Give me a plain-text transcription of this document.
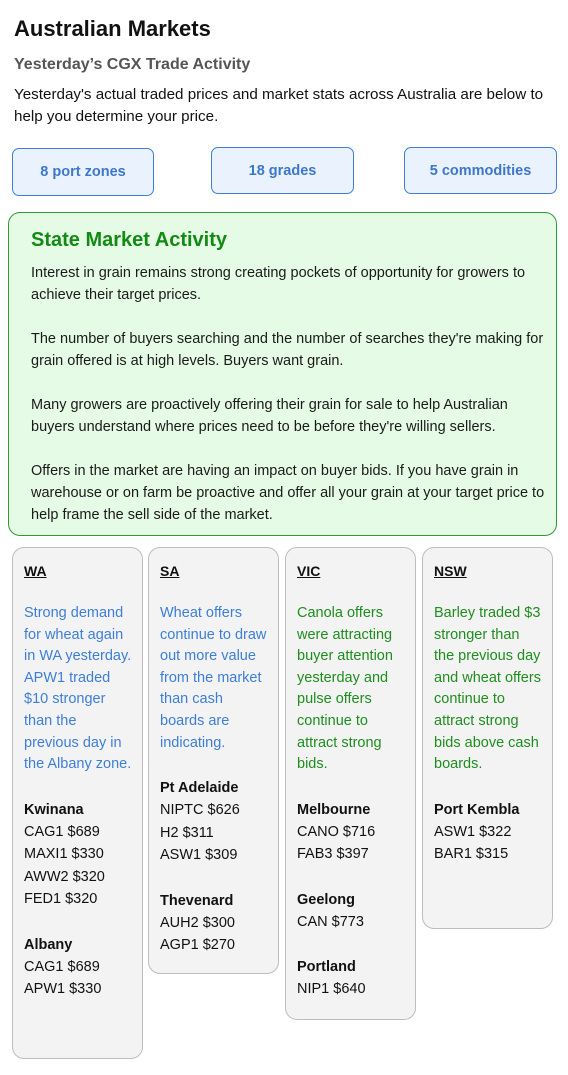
Australian Markets
Yesterday’s CGX Trade Activity
Yesterday's actual traded prices and market stats across Australia are below to help you determine your price.
8 port zones	18 grades	5 commodities
State Market Activity

Interest in grain remains strong creating pockets of opportunity for growers to achieve their target prices.

The number of buyers searching and the number of searches they're making for grain offered is at high levels. Buyers want grain.

Many growers are proactively offering their grain for sale to help Australian buyers understand where prices need to be before they're willing sellers.

Offers in the market are having an impact on buyer bids. If you have grain in warehouse or on farm be proactive and offer all your grain at your target price to help frame the sell side of the market.

WA
Strong demand for wheat again in WA yesterday. APW1 traded $10 stronger than the previous day in the Albany zone.
Kwinana
CAG1 $689
MAXI1 $330
AWW2 $320
FED1 $320
Albany
CAG1 $689
APW1 $330
SA
Wheat offers continue to draw out more value from the market than cash boards are indicating.
Pt Adelaide
NIPTC $626
H2 $311
ASW1 $309
Thevenard
AUH2 $300
AGP1 $270
VIC
Canola offers were attracting buyer attention yesterday and pulse offers continue to attract strong bids.
Melbourne
CANO $716
FAB3 $397
Geelong
CAN $773
Portland
NIP1 $640
NSW
Barley traded $3 stronger than the previous day and wheat offers continue to attract strong bids above cash boards.
Port Kembla
ASW1 $322
BAR1 $315
